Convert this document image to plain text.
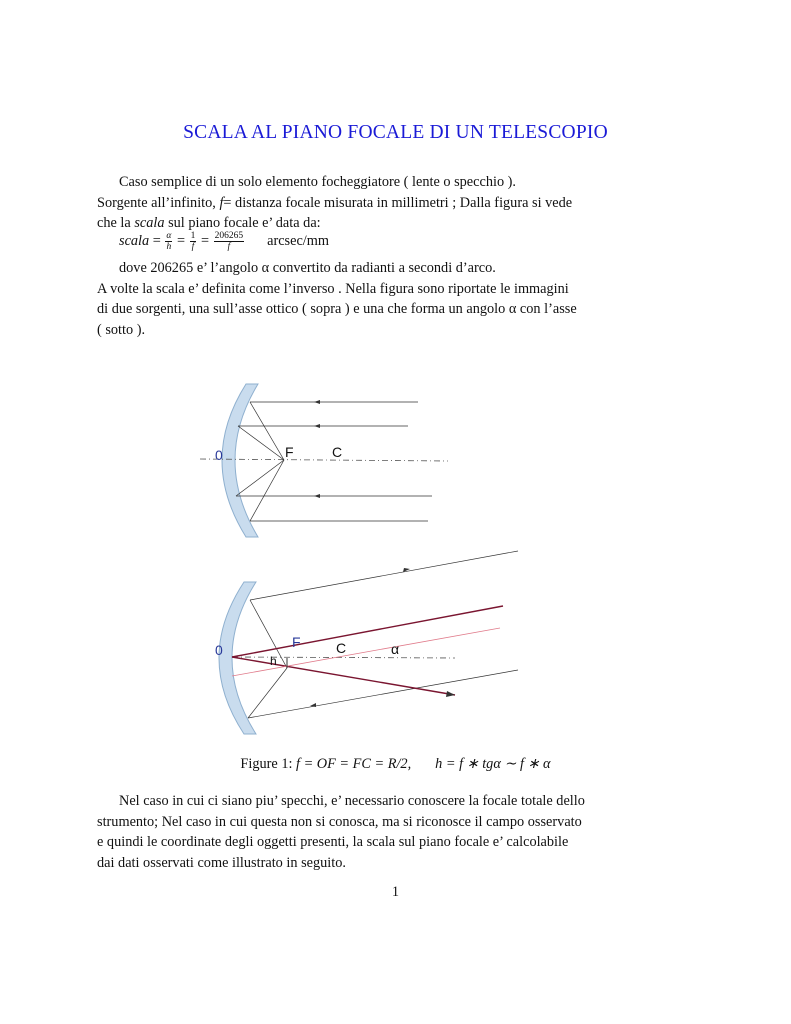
SCALA AL PIANO FOCALE DI UN TELESCOPIO
Caso semplice di un solo elemento focheggiatore ( lente o specchio ).
Sorgente all’infinito, f= distanza focale misurata in millimetri ; Dalla figura si vede
che la scala sul piano focale e’ data da:
scala = $\frac{\alpha}{h} = \frac{1}{f} = \frac{206265}{f} arcsec/mm$
dove 206265 e’ l’angolo α convertito da radianti a secondi d’arco.
A volte la scala e’ definita come l’inverso . Nella figura sono riportate le immagini
di due sorgenti, una sull’asse ottico ( sopra ) e una che forma un angolo α con l’asse
( sotto ).
0	F	C
0	F	C
h
α
Figure 1: f = OF = FC = R/2, h = f ∗ tgα ∼ f ∗ α
Nel caso in cui ci siano piu’ specchi, e’ necessario conoscere la focale totale dello
strumento; Nel caso in cui questa non si conosca, ma si riconosce il campo osservato
e quindi le coordinate degli oggetti presenti, la scala sul piano focale e’ calcolabile
dai dati osservati come illustrato in seguito.
1
